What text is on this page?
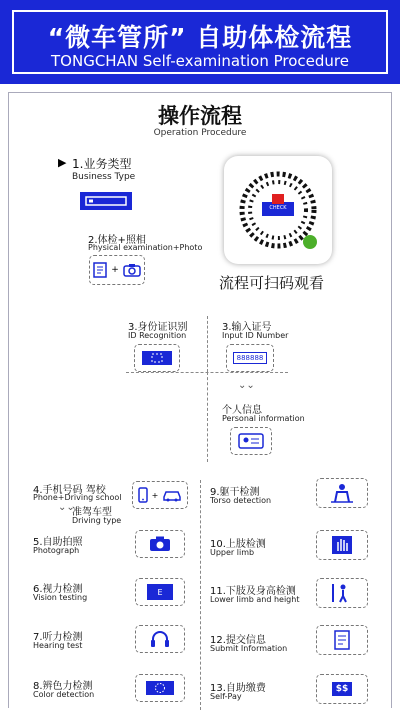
“微车管所” 自助体检流程
TONGCHAN Self-examination Procedure
操作流程
Operation Procedure
▶ 1.业务类型
Business Type
2.体检+照相
Physical examination+Photo
+
CHECK
流程可扫码观看
3.身份证识别
ID Recognition
3.输入证号
Input ID Number
888888
⌄⌄
个人信息
Personal information
4.手机号码 驾校
Phone+Driving school
⌄⌄
准驾车型
Driving type
+
5.自助拍照
Photograph
6.视力检测
Vision testing
E
7.听力检测
Hearing test
8.辨色力检测
Color detection
9.躯干检测
Torso detection
10.上肢检测
Upper limb
11.下肢及身高检测
Lower limb and height
12.提交信息
Submit Information
13.自助缴费
Self-Pay
$$
